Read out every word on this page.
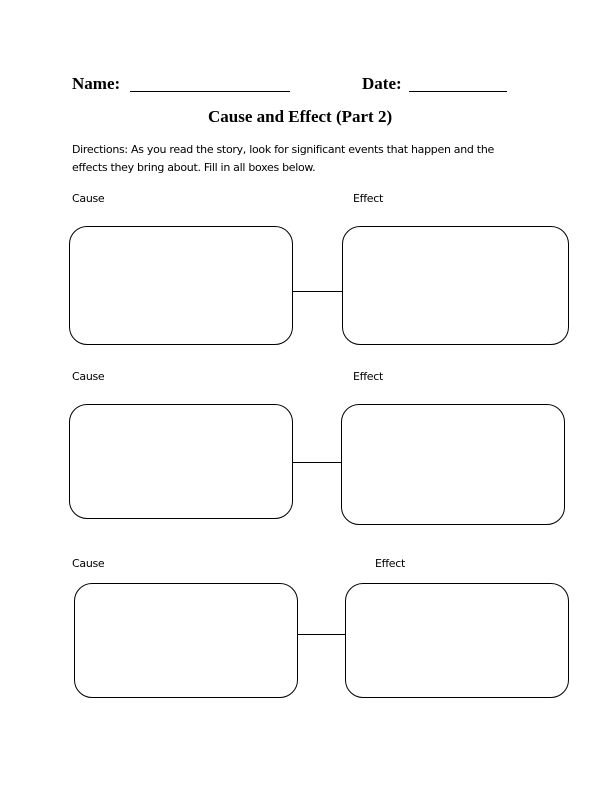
Name:	Date:
Cause and Effect (Part 2)
Directions: As you read the story, look for significant events that happen and the
effects they bring about. Fill in all boxes below.
Cause	Effect
Cause	Effect
Cause	Effect
